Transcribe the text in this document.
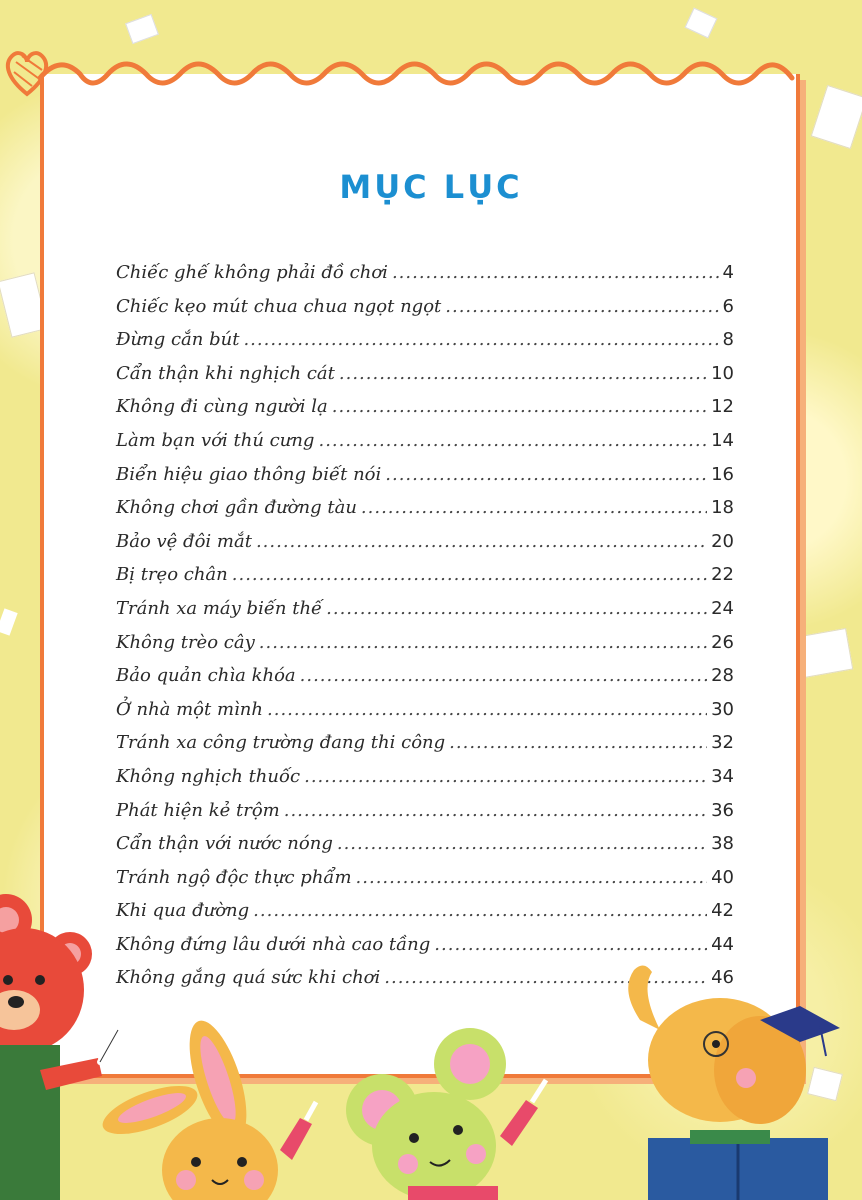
MỤC LỤC
Chiếc ghế không phải đồ chơi .....	4
Chiếc kẹo mút chua chua ngọt ngọt .....	6
Đừng cắn bút .....	8
Cẩn thận khi nghịch cát .....	10
Không đi cùng người lạ .....	12
Làm bạn với thú cưng .....	14
Biển hiệu giao thông biết nói .....	16
Không chơi gần đường tàu .....	18
Bảo vệ đôi mắt .....	20
Bị trẹo chân .....	22
Tránh xa máy biến thế .....	24
Không trèo cây .....	26
Bảo quản chìa khóa .....	28
Ở nhà một mình .....	30
Tránh xa công trường đang thi công .....	32
Không nghịch thuốc .....	34
Phát hiện kẻ trộm .....	36
Cẩn thận với nước nóng .....	38
Tránh ngộ độc thực phẩm .....	40
Khi qua đường .....	42
Không đứng lâu dưới nhà cao tầng .....	44
Không gắng quá sức khi chơi .....	46
